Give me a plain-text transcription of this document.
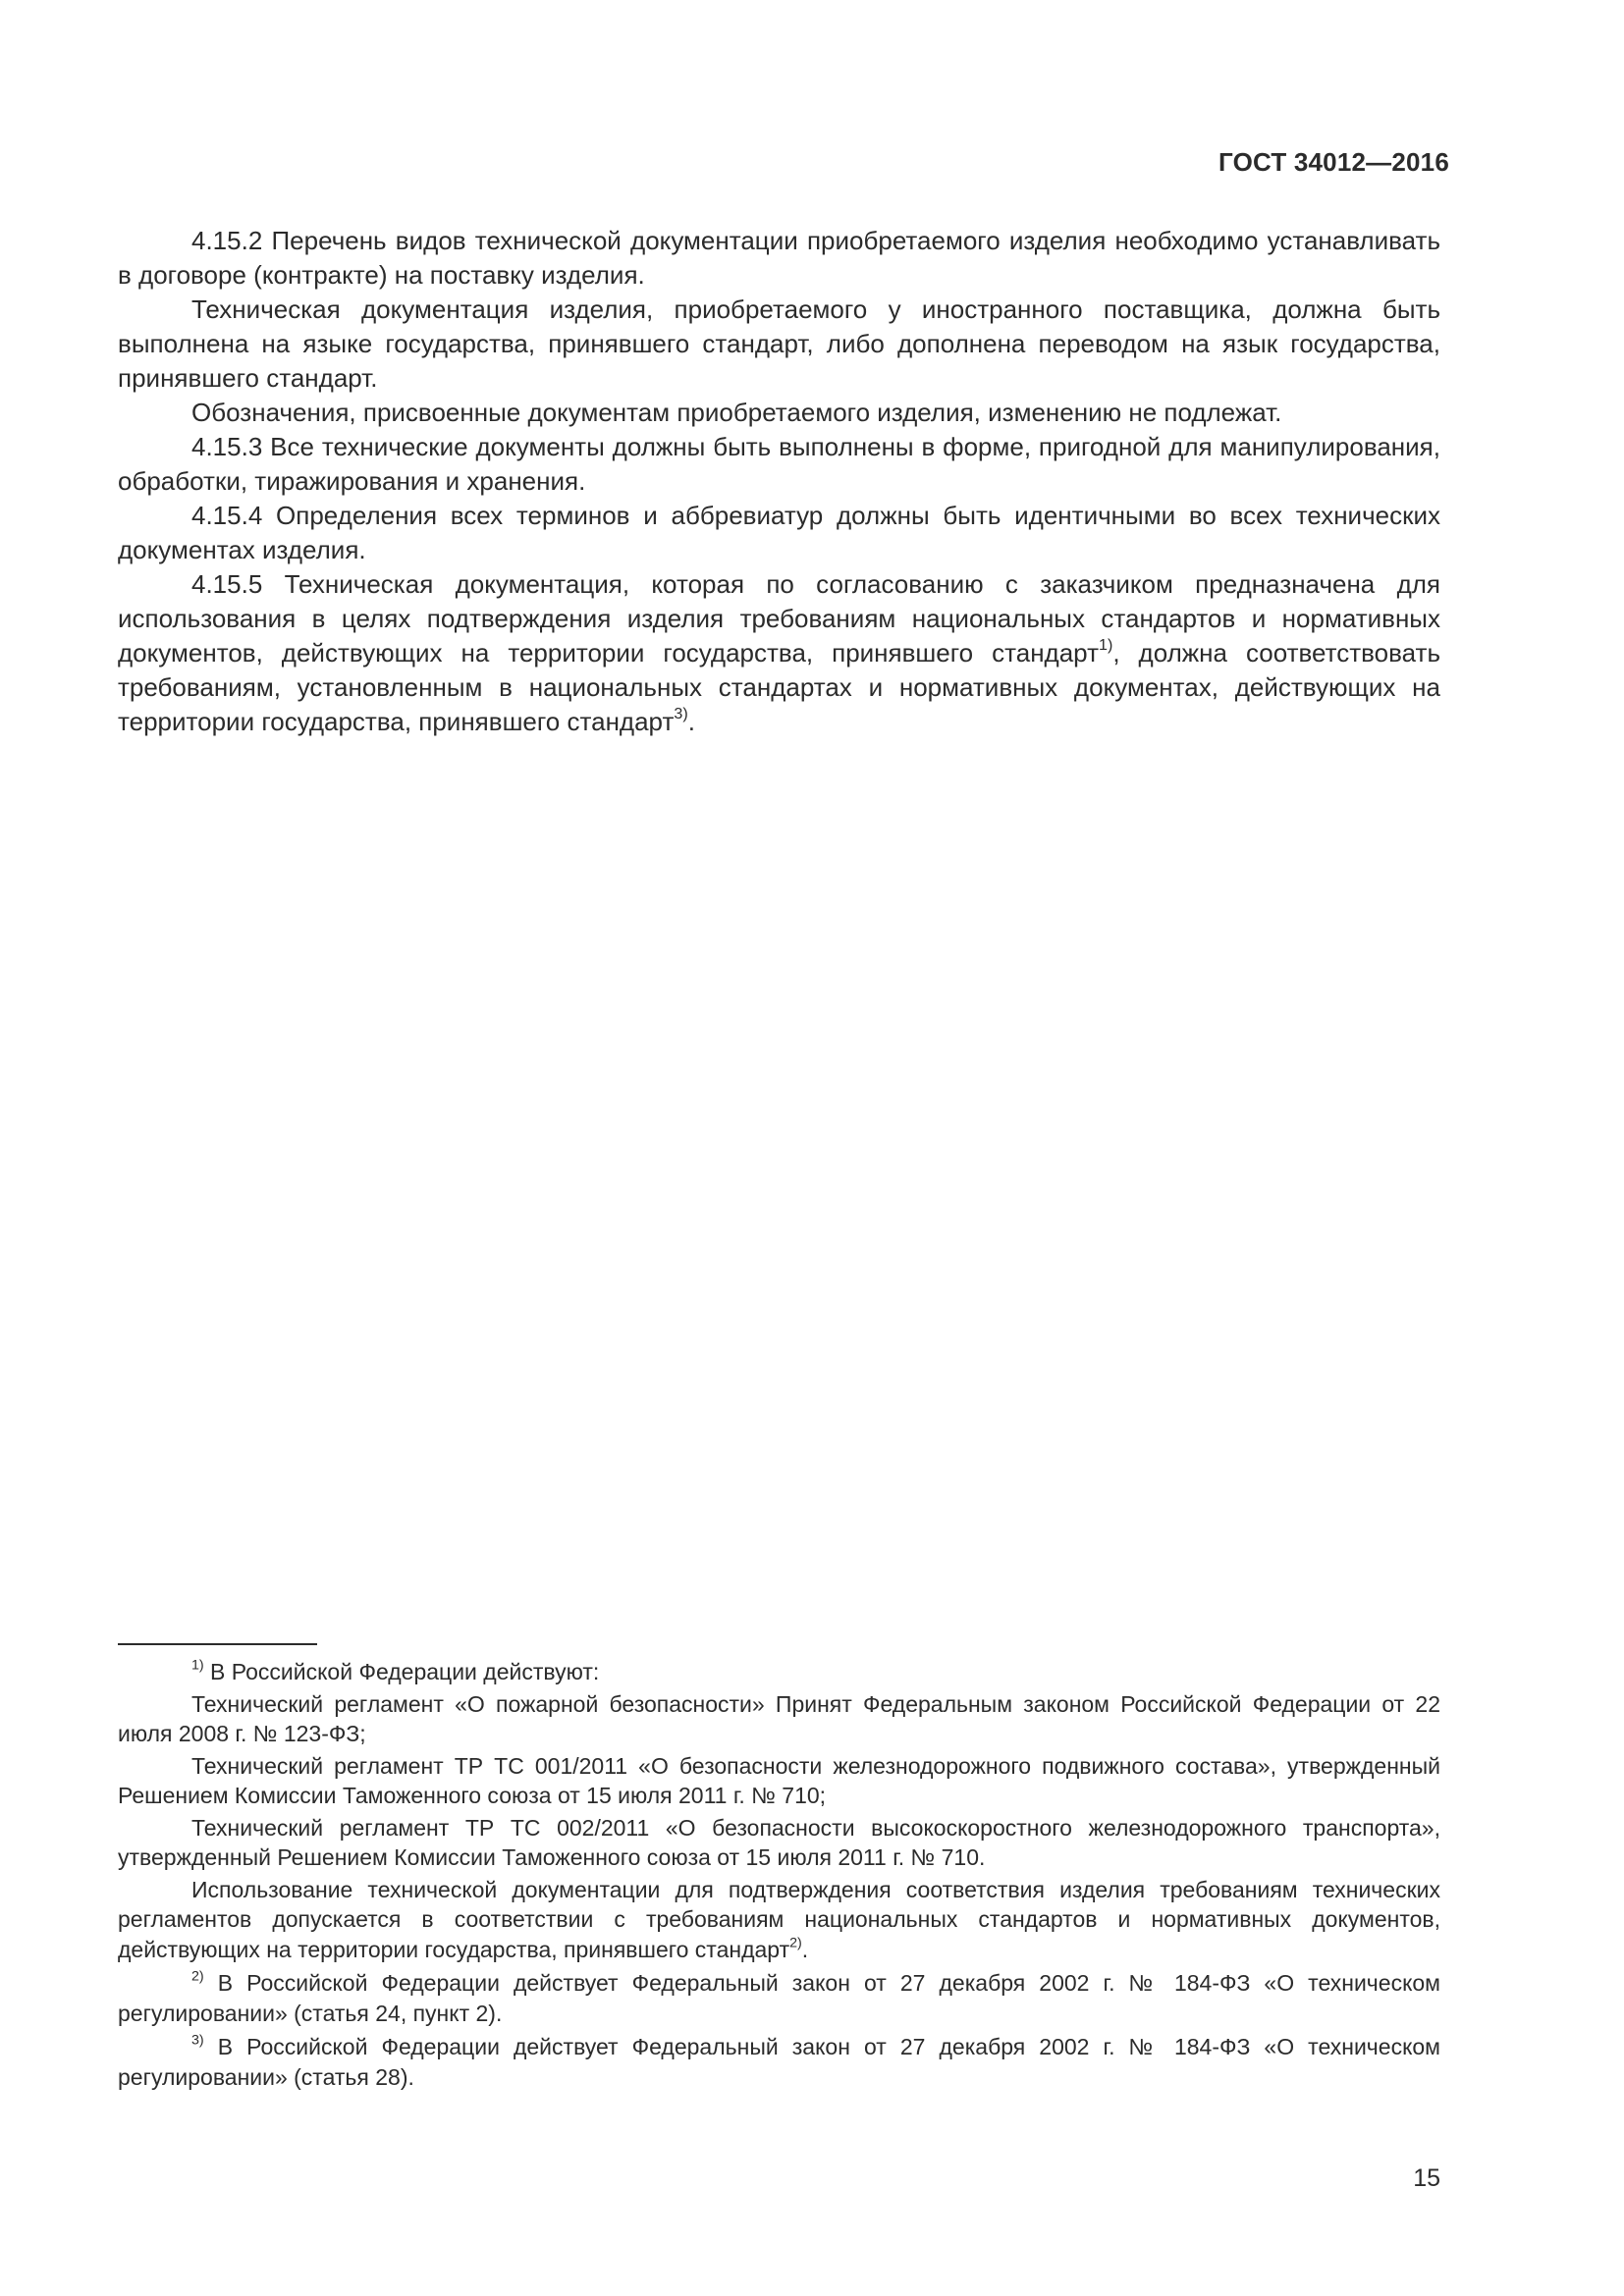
ГОСТ 34012—2016

4.15.2 Перечень видов технической документации приобретаемого изделия необходимо устанавливать в договоре (контракте) на поставку изделия.

Техническая документация изделия, приобретаемого у иностранного поставщика, должна быть выполнена на языке государства, принявшего стандарт, либо дополнена переводом на язык государства, принявшего стандарт.

Обозначения, присвоенные документам приобретаемого изделия, изменению не подлежат.

4.15.3 Все технические документы должны быть выполнены в форме, пригодной для манипулирования, обработки, тиражирования и хранения.

4.15.4 Определения всех терминов и аббревиатур должны быть идентичными во всех технических документах изделия.

4.15.5 Техническая документация, которая по согласованию с заказчиком предназначена для использования в целях подтверждения изделия требованиям национальных стандартов и нормативных документов, действующих на территории государства, принявшего стандарт$^{1)}$, должна соответствовать требованиям, установленным в национальных стандартах и нормативных документах, действующих на территории государства, принявшего стандарт$^{3)}$.

$^{1)}$ В Российской Федерации действуют:

Технический регламент «О пожарной безопасности» Принят Федеральным законом Российской Федерации от 22 июля 2008 г. № 123-ФЗ;

Технический регламент ТР ТС 001/2011 «О безопасности железнодорожного подвижного состава», утвержденный Решением Комиссии Таможенного союза от 15 июля 2011 г. № 710;

Технический регламент ТР ТС 002/2011 «О безопасности высокоскоростного железнодорожного транспорта», утвержденный Решением Комиссии Таможенного союза от 15 июля 2011 г. № 710.

Использование технической документации для подтверждения соответствия изделия требованиям технических регламентов допускается в соответствии с требованиям национальных стандартов и нормативных документов, действующих на территории государства, принявшего стандарт$^{2)}$.

$^{2)}$ В Российской Федерации действует Федеральный закон от 27 декабря 2002 г. № 184-ФЗ «О техническом регулировании» (статья 24, пункт 2).

$^{3)}$ В Российской Федерации действует Федеральный закон от 27 декабря 2002 г. № 184-ФЗ «О техническом регулировании» (статья 28).

15
